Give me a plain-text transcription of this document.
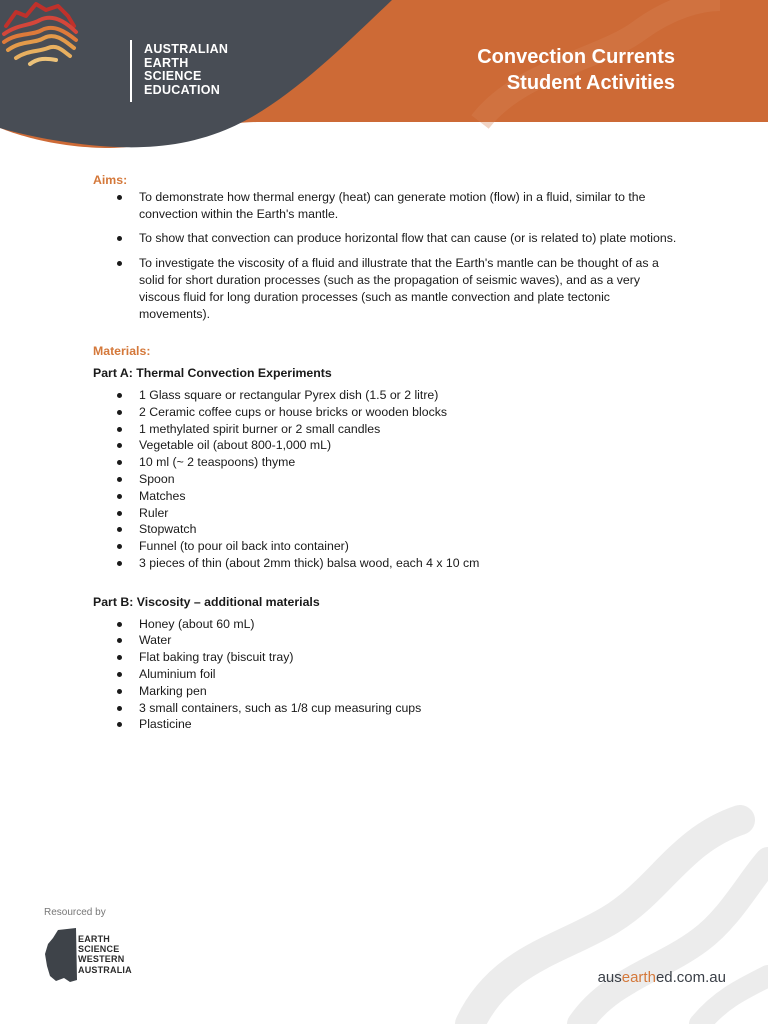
AUSTRALIAN
EARTH
SCIENCE
EDUCATION
Convection Currents
Student Activities

Aims:

To demonstrate how thermal energy (heat) can generate motion (flow) in a fluid, similar to the convection within the Earth's mantle.
To show that convection can produce horizontal flow that can cause (or is related to) plate motions.
To investigate the viscosity of a fluid and illustrate that the Earth's mantle can be thought of as a solid for short duration processes (such as the propagation of seismic waves), and as a very viscous fluid for long duration processes (such as mantle convection and plate tectonic movements).

Materials:

Part A: Thermal Convection Experiments

1 Glass square or rectangular Pyrex dish (1.5 or 2 litre)
2 Ceramic coffee cups or house bricks or wooden blocks
1 methylated spirit burner or 2 small candles
Vegetable oil (about 800-1,000 mL)
10 ml (~ 2 teaspoons) thyme
Spoon
Matches
Ruler
Stopwatch
Funnel (to pour oil back into container)
3 pieces of thin (about 2mm thick) balsa wood, each 4 x 10 cm

Part B: Viscosity – additional materials

Honey (about 60 mL)
Water
Flat baking tray (biscuit tray)
Aluminium foil
Marking pen
3 small containers, such as 1/8 cup measuring cups
Plasticine
Resourced by
EARTH
SCIENCE
WESTERN
AUSTRALIA	ausearthed.com.au
